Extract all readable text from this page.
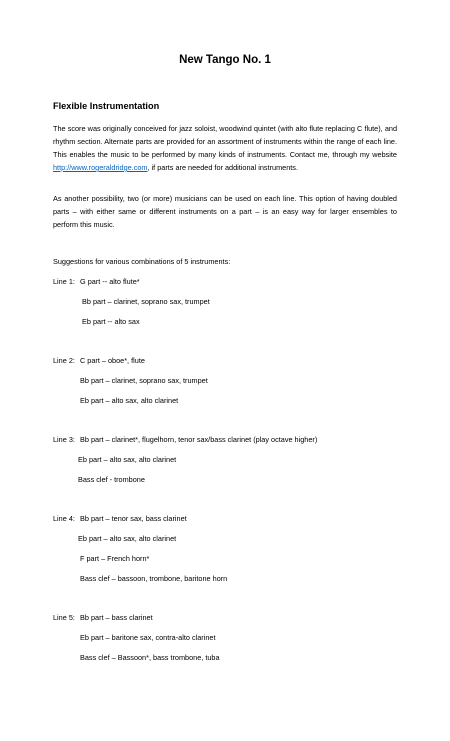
New Tango No. 1
Flexible Instrumentation
The score was originally conceived for jazz soloist, woodwind quintet (with alto flute replacing C flute), and rhythm section. Alternate parts are provided for an assortment of instruments within the range of each line. This enables the music to be performed by many kinds of instruments. Contact me, through my website http://www.rogeraldridge.com, if parts are needed for additional instruments.
As another possibility, two (or more) musicians can be used on each line. This option of having doubled parts – with either same or different instruments on a part – is an easy way for larger ensembles to perform this music.
Suggestions for various combinations of 5 instruments:
Line 1: G part -- alto flute*
Bb part – clarinet, soprano sax, trumpet
Eb part -- alto sax
Line 2: C part – oboe*, flute
Bb part – clarinet, soprano sax, trumpet
Eb part – alto sax, alto clarinet
Line 3: Bb part – clarinet*, flugelhorn, tenor sax/bass clarinet (play octave higher)
Eb part – alto sax, alto clarinet
Bass clef - trombone
Line 4: Bb part – tenor sax, bass clarinet
Eb part – alto sax, alto clarinet
F part – French horn*
Bass clef – bassoon, trombone, baritone horn
Line 5: Bb part – bass clarinet
Eb part – baritone sax, contra-alto clarinet
Bass clef – Bassoon*, bass trombone, tuba
